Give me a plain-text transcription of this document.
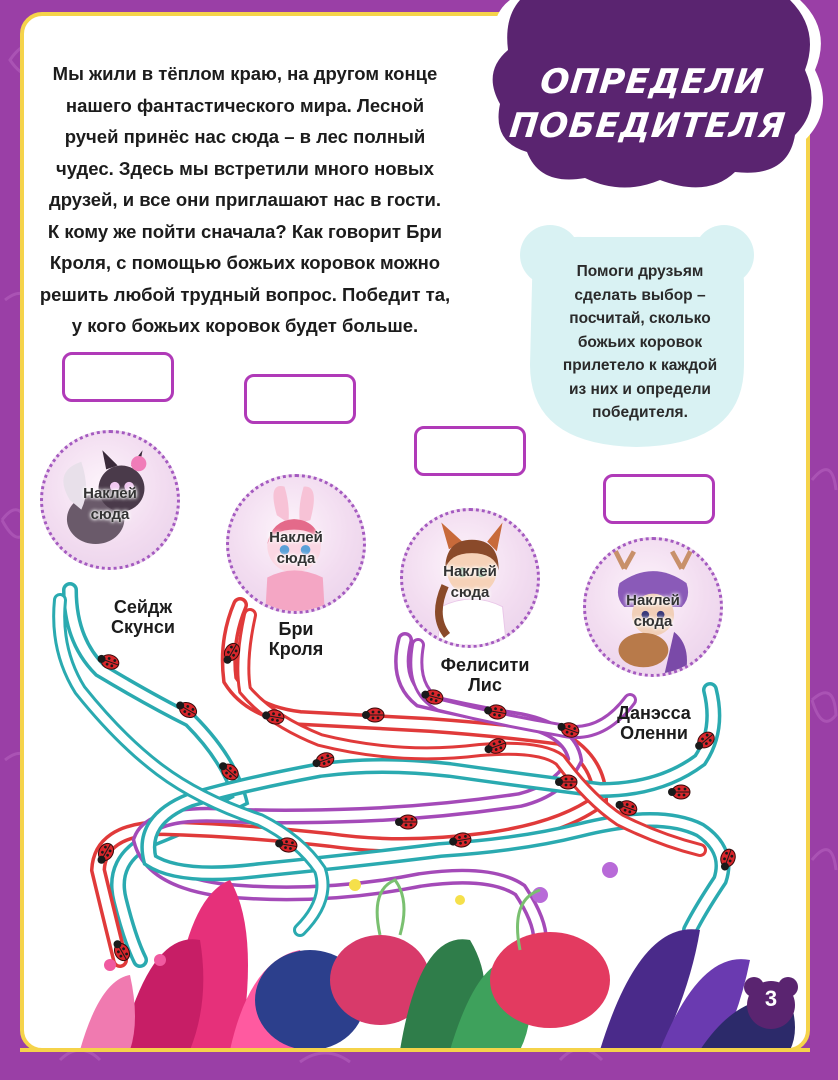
Мы жили в тёплом краю, на другом конце
нашего фантастического мира. Лесной
ручей принёс нас сюда – в лес полный
чудес. Здесь мы встретили много новых
друзей, и все они приглашают нас в гости.
К кому же пойти сначала? Как говорит Бри
Кроля, с помощью божьих коровок можно
решить любой трудный вопрос. Победит та,
у кого божьих коровок будет больше.
ОПРЕДЕЛИ
ПОБЕДИТЕЛЯ
Помоги друзьям
сделать выбор –
посчитай, сколько
божьих коровок
прилетело к каждой
из них и определи
победителя.
Наклей
сюда
Наклей
сюда
Наклей
сюда	Наклей
сюда
Сейдж
Скунси	Бри
Кроля
Фелисити
Лис
Данэсса
Оленни
3
